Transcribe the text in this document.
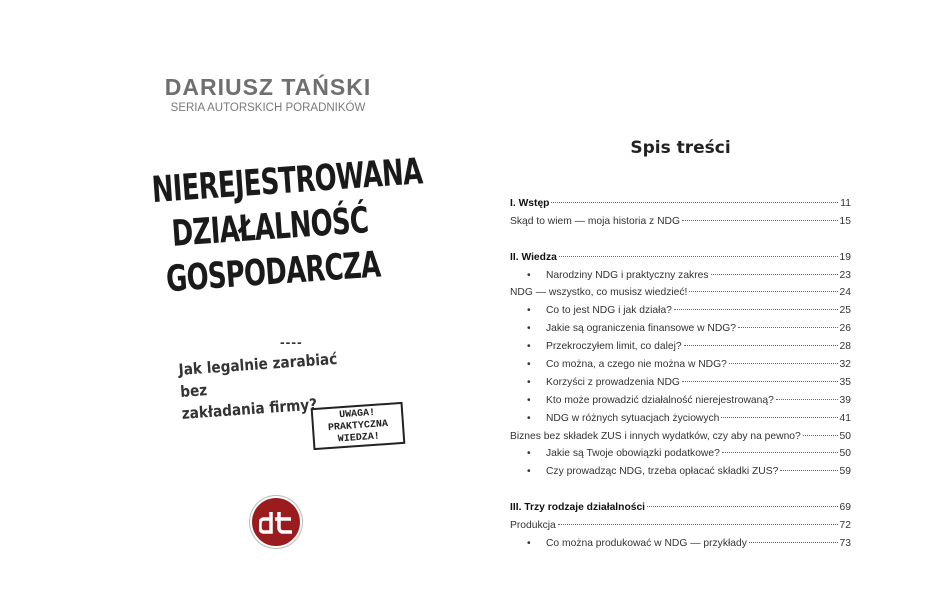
DARIUSZ TAŃSKI
SERIA AUTORSKICH PORADNIKÓW
NIEREJESTROWANA
DZIAŁALNOŚĆ
GOSPODARCZA
----
Jak legalnie zarabiać bez
zakładania firmy?	UWAGA!
PRAKTYCZNA
WIEDZA!
Spis treści
I. Wstęp	11
Skąd to wiem — moja historia z NDG	15
II. Wiedza	19
•	Narodziny NDG i praktyczny zakres	23
NDG — wszystko, co musisz wiedzieć!	24
•	Co to jest NDG i jak działa?	25
•	Jakie są ograniczenia finansowe w NDG?	26
•	Przekroczyłem limit, co dalej?	28
•	Co można, a czego nie można w NDG?	32
•	Korzyści z prowadzenia NDG	35
•	Kto może prowadzić działalność nierejestrowaną?	39
•	NDG w różnych sytuacjach życiowych	41
Biznes bez składek ZUS i innych wydatków, czy aby na pewno?	50
•	Jakie są Twoje obowiązki podatkowe?	50
•	Czy prowadząc NDG, trzeba opłacać składki ZUS?	59
III. Trzy rodzaje działalności	69
Produkcja	72
•	Co można produkować w NDG — przykłady	73
